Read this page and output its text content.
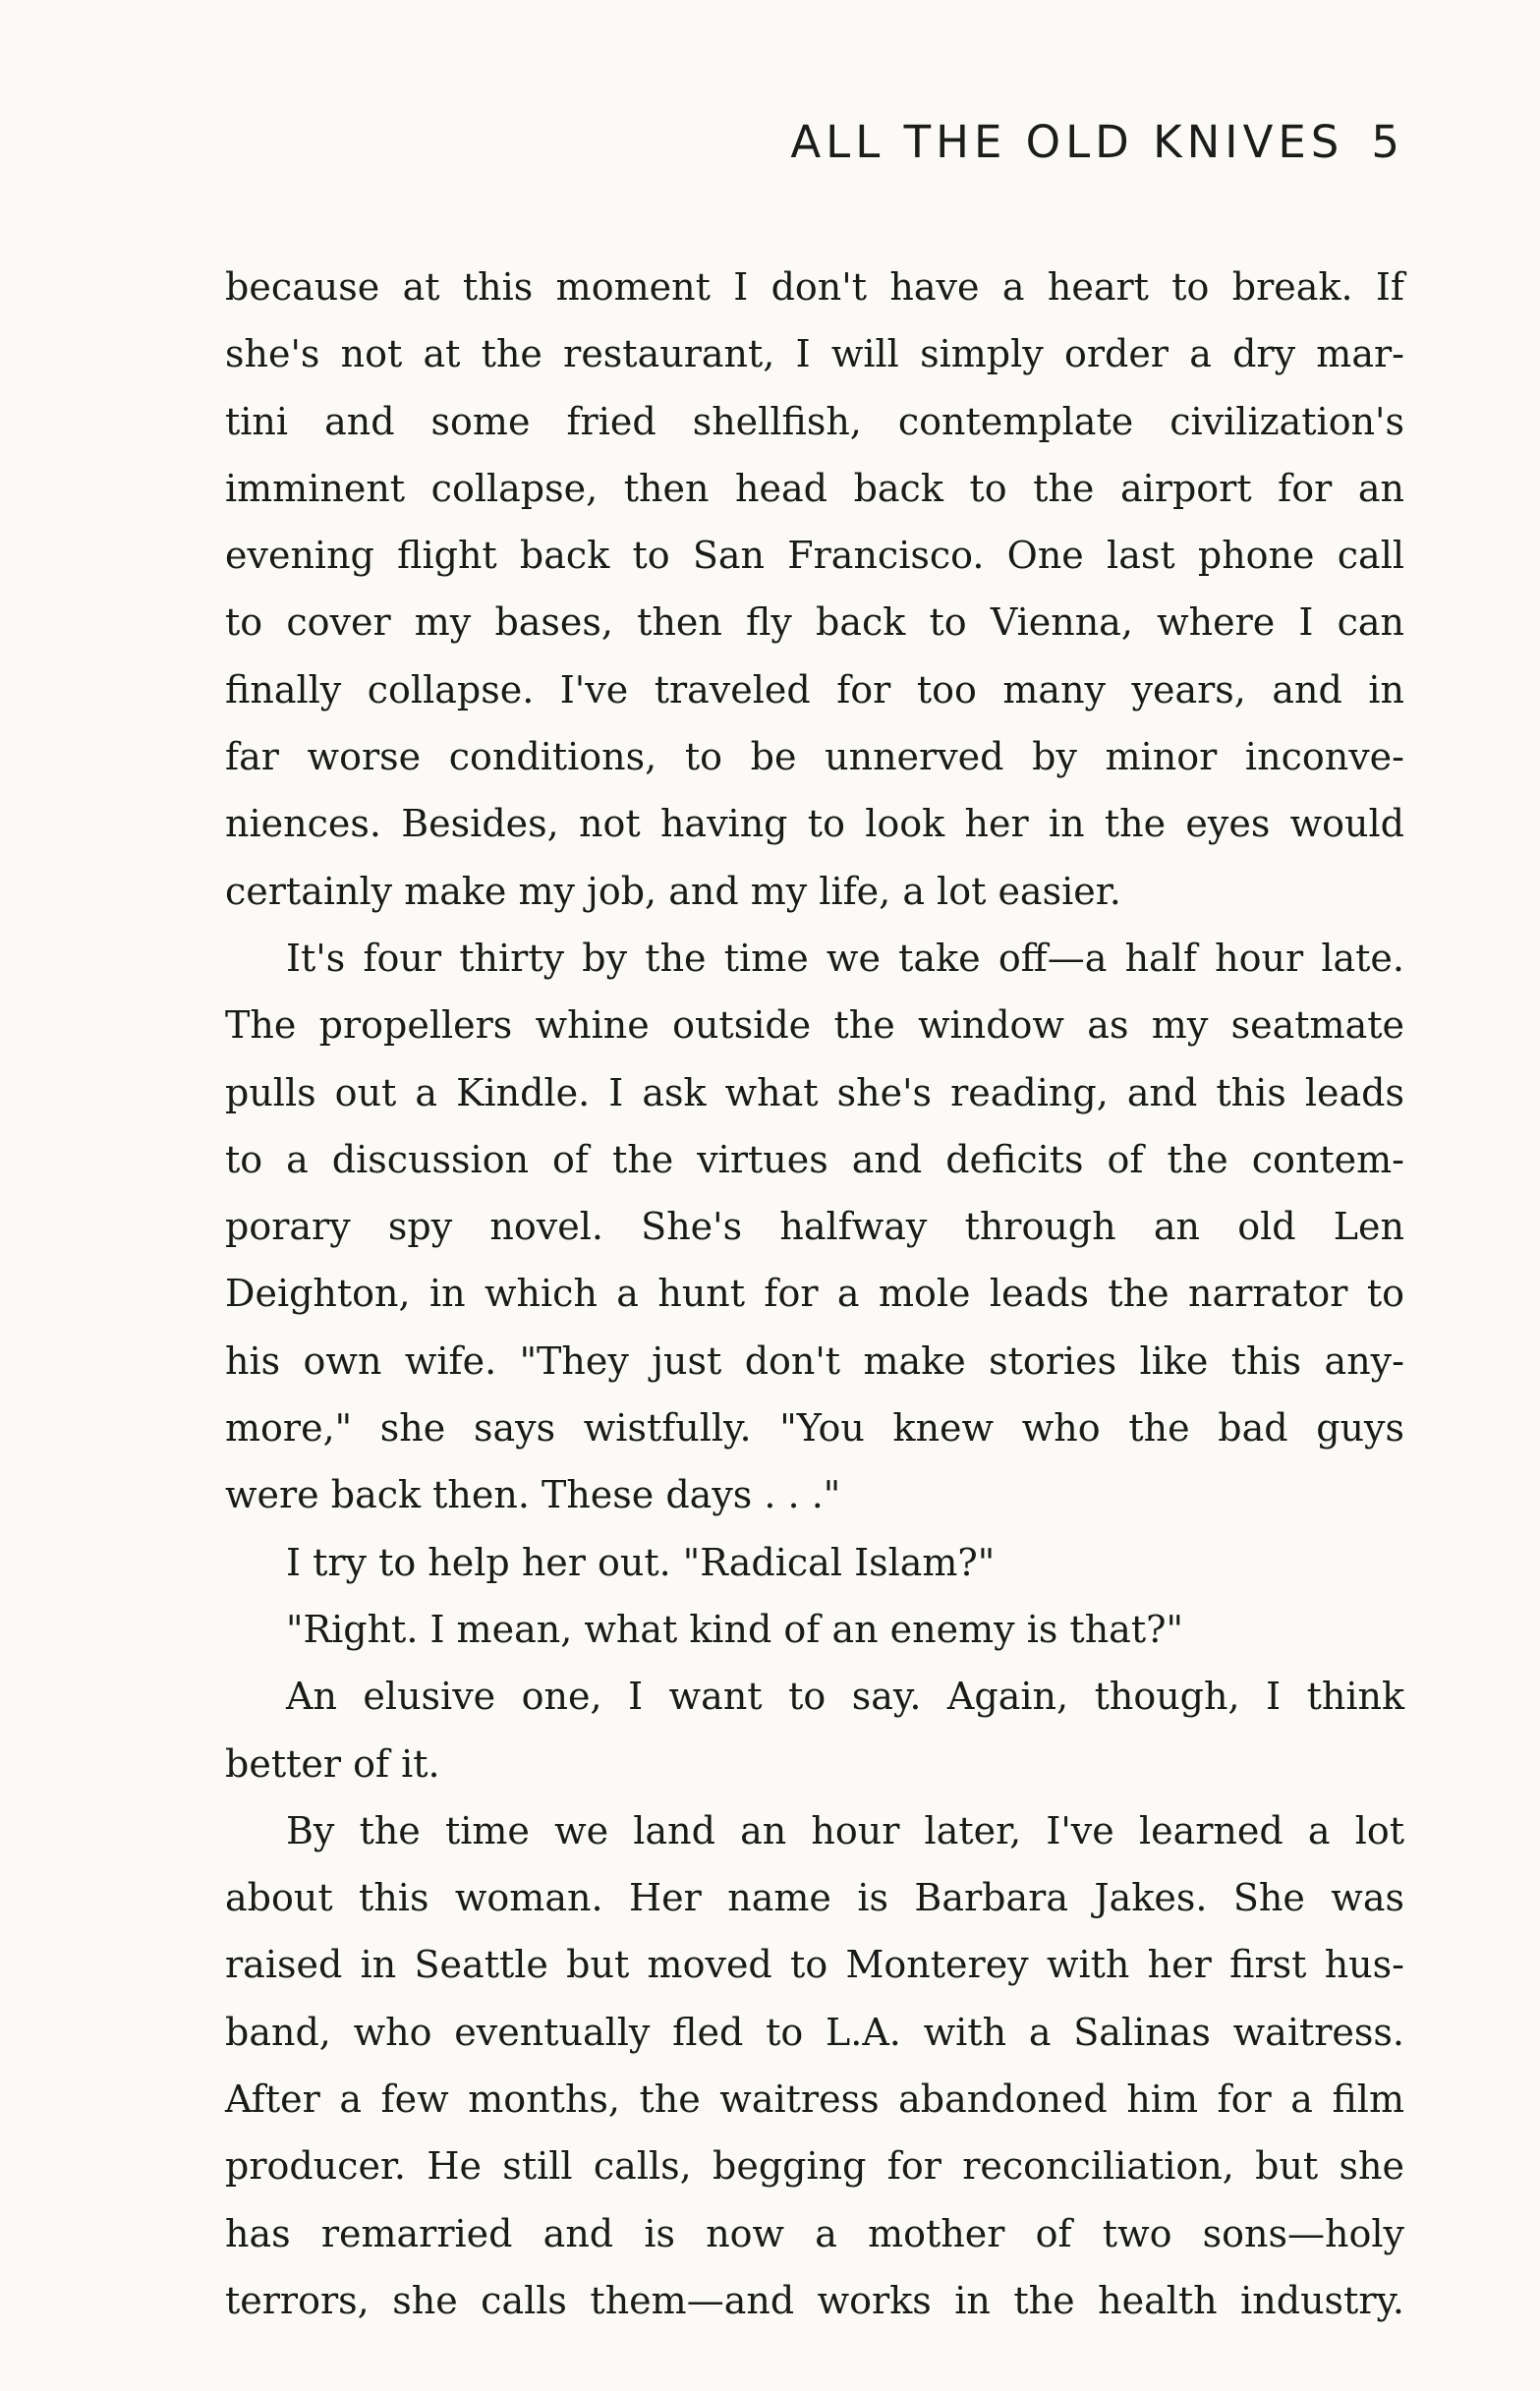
ALL THE OLD KNIVES 5
because at this moment I don't have a heart to break. If
she's not at the restaurant, I will simply order a dry mar-
tini and some fried shellfish, contemplate civilization's
imminent collapse, then head back to the airport for an
evening flight back to San Francisco. One last phone call
to cover my bases, then fly back to Vienna, where I can
finally collapse. I've traveled for too many years, and in
far worse conditions, to be unnerved by minor inconve-
niences. Besides, not having to look her in the eyes would
certainly make my job, and my life, a lot easier.
It's four thirty by the time we take off—a half hour late.
The propellers whine outside the window as my seatmate
pulls out a Kindle. I ask what she's reading, and this leads
to a discussion of the virtues and deficits of the contem-
porary spy novel. She's halfway through an old Len
Deighton, in which a hunt for a mole leads the narrator to
his own wife. "They just don't make stories like this any-
more," she says wistfully. "You knew who the bad guys
were back then. These days . . ."
I try to help her out. "Radical Islam?"
"Right. I mean, what kind of an enemy is that?"
An elusive one, I want to say. Again, though, I think
better of it.
By the time we land an hour later, I've learned a lot
about this woman. Her name is Barbara Jakes. She was
raised in Seattle but moved to Monterey with her first hus-
band, who eventually fled to L.A. with a Salinas waitress.
After a few months, the waitress abandoned him for a film
producer. He still calls, begging for reconciliation, but she
has remarried and is now a mother of two sons—holy
terrors, she calls them—and works in the health industry.
